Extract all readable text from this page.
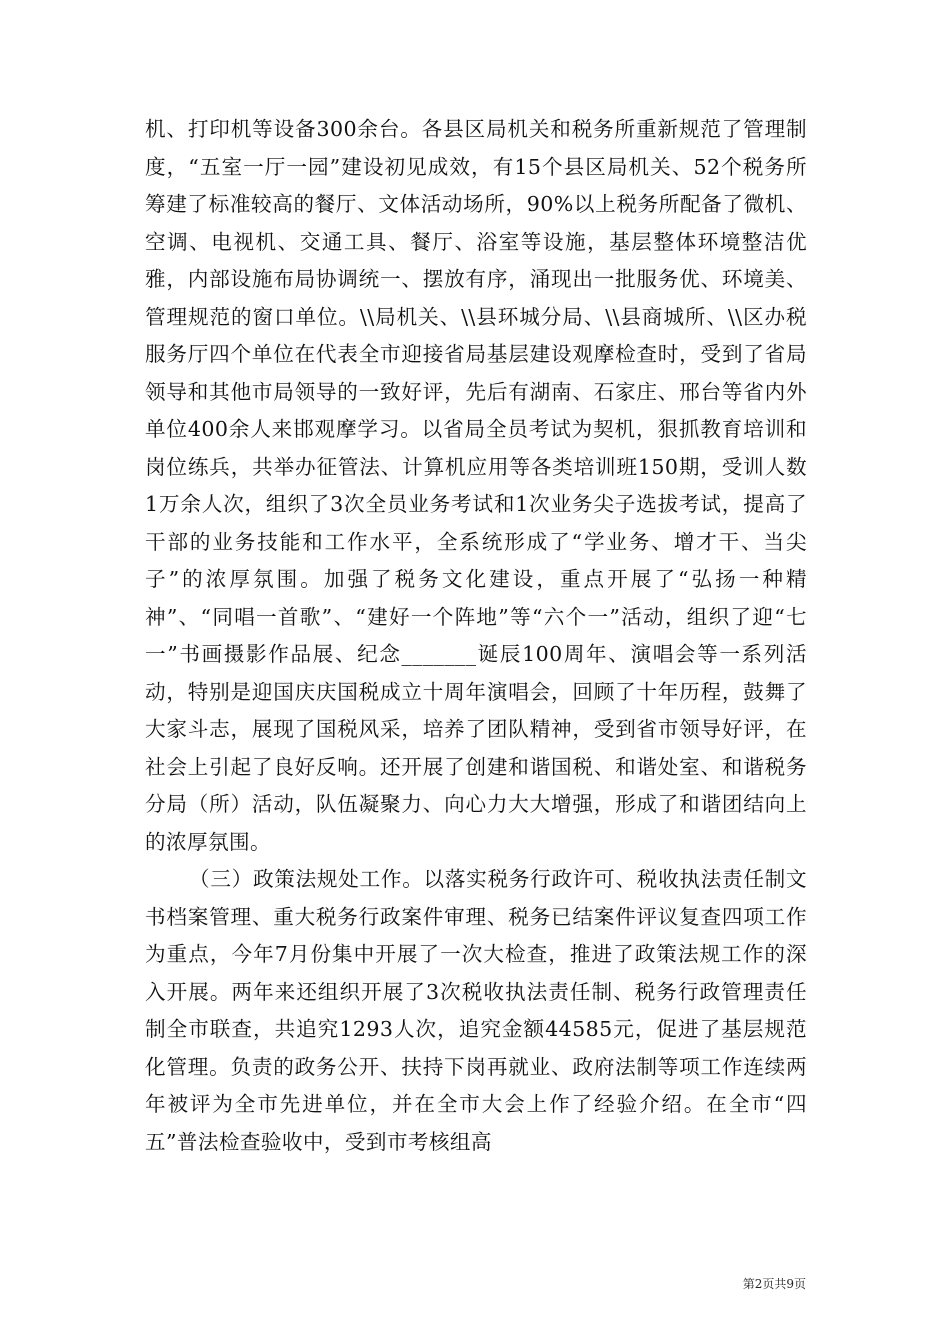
机、打印机等设备300余台。各县区局机关和税务所重新规范了管理制度，“五室一厅一园”建设初见成效，有15个县区局机关、52个税务所筹建了标准较高的餐厅、文体活动场所，90%以上税务所配备了微机、空调、电视机、交通工具、餐厅、浴室等设施，基层整体环境整洁优雅，内部设施布局协调统一、摆放有序，涌现出一批服务优、环境美、管理规范的窗口单位。\\局机关、\\县环城分局、\\县商城所、\\区办税服务厅四个单位在代表全市迎接省局基层建设观摩检查时，受到了省局领导和其他市局领导的一致好评，先后有湖南、石家庄、邢台等省内外单位400余人来邯观摩学习。以省局全员考试为契机，狠抓教育培训和岗位练兵，共举办征管法、计算机应用等各类培训班150期，受训人数1万余人次，组织了3次全员业务考试和1次业务尖子选拔考试，提高了干部的业务技能和工作水平，全系统形成了“学业务、增才干、当尖子”的浓厚氛围。加强了税务文化建设，重点开展了“弘扬一种精神”、“同唱一首歌”、“建好一个阵地”等“六个一”活动，组织了迎“七一”书画摄影作品展、纪念_______诞辰100周年、演唱会等一系列活动，特别是迎国庆庆国税成立十周年演唱会，回顾了十年历程，鼓舞了大家斗志，展现了国税风采，培养了团队精神，受到省市领导好评，在社会上引起了良好反响。还开展了创建和谐国税、和谐处室、和谐税务分局（所）活动，队伍凝聚力、向心力大大增强，形成了和谐团结向上的浓厚氛围。

（三）政策法规处工作。以落实税务行政许可、税收执法责任制文书档案管理、重大税务行政案件审理、税务已结案件评议复查四项工作为重点，今年7月份集中开展了一次大检查，推进了政策法规工作的深入开展。两年来还组织开展了3次税收执法责任制、税务行政管理责任制全市联查，共追究1293人次，追究金额44585元，促进了基层规范化管理。负责的政务公开、扶持下岗再就业、政府法制等项工作连续两年被评为全市先进单位，并在全市大会上作了经验介绍。在全市“四五”普法检查验收中，受到市考核组高

第2页共9页
